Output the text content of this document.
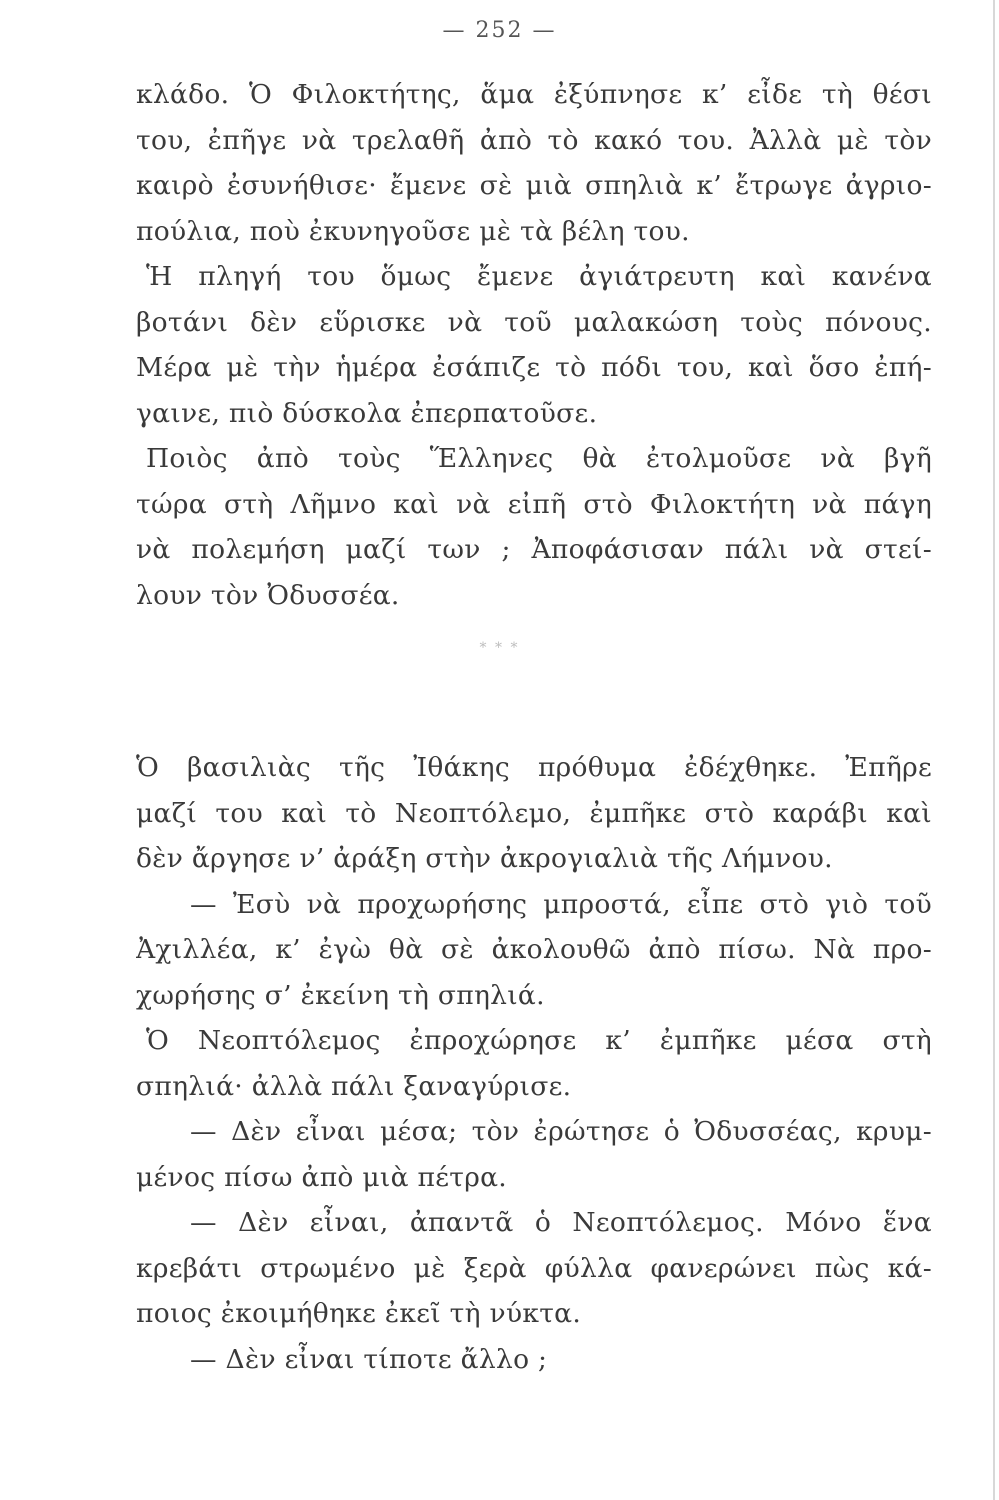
— 252 —
κλάδο. Ὁ Φιλοκτήτης, ἅμα ἐξύπνησε κ’ εἶδε τὴ θέσι
του, ἐπῆγε νὰ τρελαθῆ ἀπὸ τὸ κακό του. Ἀλλὰ μὲ τὸν
καιρὸ ἐσυνήθισε· ἔμενε σὲ μιὰ σπηλιὰ κ’ ἔτρωγε ἀγριο-
πούλια, ποὺ ἐκυνηγοῦσε μὲ τὰ βέλη του.
Ἡ πληγή του ὅμως ἔμενε ἀγιάτρευτη καὶ κανένα
βοτάνι δὲν εὕρισκε νὰ τοῦ μαλακώση τοὺς πόνους.
Μέρα μὲ τὴν ἡμέρα ἐσάπιζε τὸ πόδι του, καὶ ὅσο ἐπή-
γαινε, πιὸ δύσκολα ἐπερπατοῦσε.
Ποιὸς ἀπὸ τοὺς Ἕλληνες θὰ ἐτολμοῦσε νὰ βγῆ
τώρα στὴ Λῆμνο καὶ νὰ εἰπῆ στὸ Φιλοκτήτη νὰ πάγη
νὰ πολεμήση μαζί των ; Ἀποφάσισαν πάλι νὰ στεί-
λουν τὸν Ὀδυσσέα.
* * *
Ὁ βασιλιὰς τῆς Ἰθάκης πρόθυμα ἐδέχθηκε. Ἐπῆρε
μαζί του καὶ τὸ Νεοπτόλεμο, ἐμπῆκε στὸ καράβι καὶ
δὲν ἄργησε ν’ ἀράξη στὴν ἀκρογιαλιὰ τῆς Λήμνου.
— Ἐσὺ νὰ προχωρήσης μπροστά, εἶπε στὸ γιὸ τοῦ
Ἀχιλλέα, κ’ ἐγὼ θὰ σὲ ἀκολουθῶ ἀπὸ πίσω. Νὰ προ-
χωρήσης σ’ ἐκείνη τὴ σπηλιά.
Ὁ Νεοπτόλεμος ἐπροχώρησε κ’ ἐμπῆκε μέσα στὴ
σπηλιά· ἀλλὰ πάλι ξαναγύρισε.
— Δὲν εἶναι μέσα; τὸν ἐρώτησε ὁ Ὀδυσσέας, κρυμ-
μένος πίσω ἀπὸ μιὰ πέτρα.
— Δὲν εἶναι, ἀπαντᾶ ὁ Νεοπτόλεμος. Μόνο ἕνα
κρεβάτι στρωμένο μὲ ξερὰ φύλλα φανερώνει πὼς κά-
ποιος ἐκοιμήθηκε ἐκεῖ τὴ νύκτα.
— Δὲν εἶναι τίποτε ἄλλο ;
